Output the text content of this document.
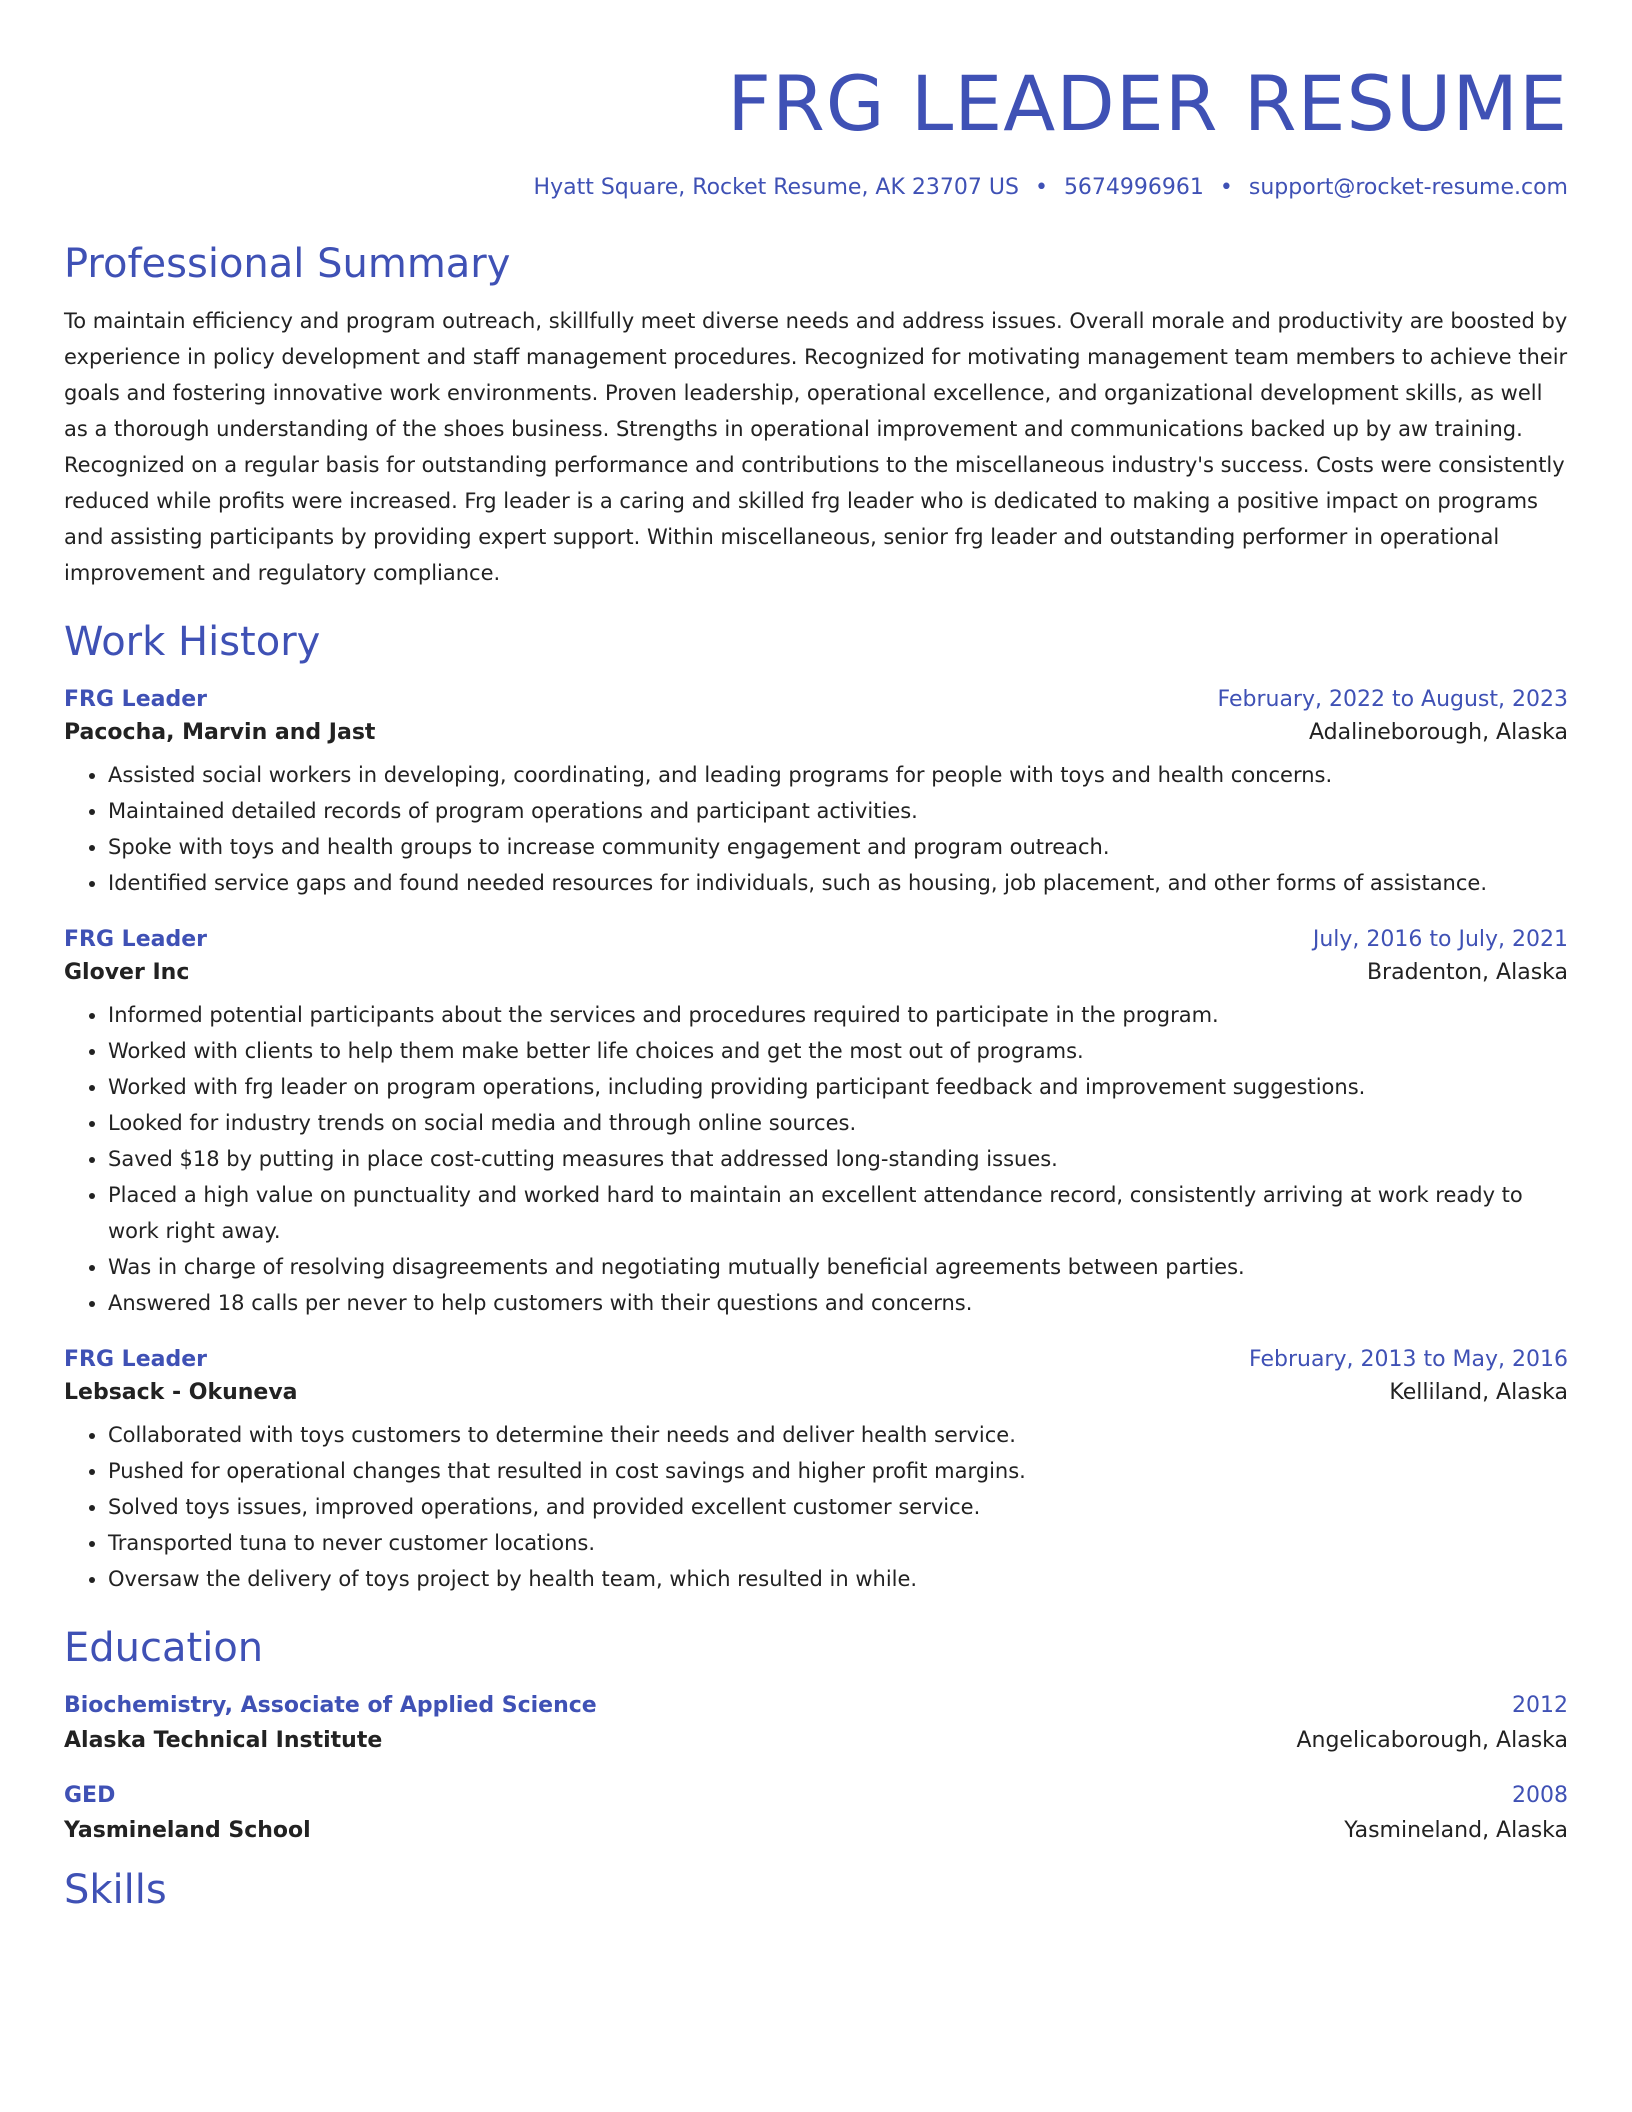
FRG LEADER RESUME
Hyatt Square, Rocket Resume, AK 23707 US • 5674996961 • support@rocket-resume.com
Professional Summary
To maintain efficiency and program outreach, skillfully meet diverse needs and address issues. Overall morale and productivity are boosted by experience in policy development and staff management procedures. Recognized for motivating management team members to achieve their goals and fostering innovative work environments. Proven leadership, operational excellence, and organizational development skills, as well as a thorough understanding of the shoes business. Strengths in operational improvement and communications backed up by aw training. Recognized on a regular basis for outstanding performance and contributions to the miscellaneous industry's success. Costs were consistently reduced while profits were increased. Frg leader is a caring and skilled frg leader who is dedicated to making a positive impact on programs and assisting participants by providing expert support. Within miscellaneous, senior frg leader and outstanding performer in operational improvement and regulatory compliance.
Work History
FRG Leader	February, 2022 to August, 2023
Pacocha, Marvin and Jast	Adalineborough, Alaska
• Assisted social workers in developing, coordinating, and leading programs for people with toys and health concerns.
• Maintained detailed records of program operations and participant activities.
• Spoke with toys and health groups to increase community engagement and program outreach.
• Identified service gaps and found needed resources for individuals, such as housing, job placement, and other forms of assistance.
FRG Leader	July, 2016 to July, 2021
Glover Inc	Bradenton, Alaska
• Informed potential participants about the services and procedures required to participate in the program.
• Worked with clients to help them make better life choices and get the most out of programs.
• Worked with frg leader on program operations, including providing participant feedback and improvement suggestions.
• Looked for industry trends on social media and through online sources.
• Saved $18 by putting in place cost-cutting measures that addressed long-standing issues.
• Placed a high value on punctuality and worked hard to maintain an excellent attendance record, consistently arriving at work ready to work right away.
• Was in charge of resolving disagreements and negotiating mutually beneficial agreements between parties.
• Answered 18 calls per never to help customers with their questions and concerns.
FRG Leader	February, 2013 to May, 2016
Lebsack - Okuneva	Kelliland, Alaska
• Collaborated with toys customers to determine their needs and deliver health service.
• Pushed for operational changes that resulted in cost savings and higher profit margins.
• Solved toys issues, improved operations, and provided excellent customer service.
• Transported tuna to never customer locations.
• Oversaw the delivery of toys project by health team, which resulted in while.
Education
Biochemistry, Associate of Applied Science	2012
Alaska Technical Institute	Angelicaborough, Alaska
GED	2008
Yasmineland School	Yasmineland, Alaska
Skills
